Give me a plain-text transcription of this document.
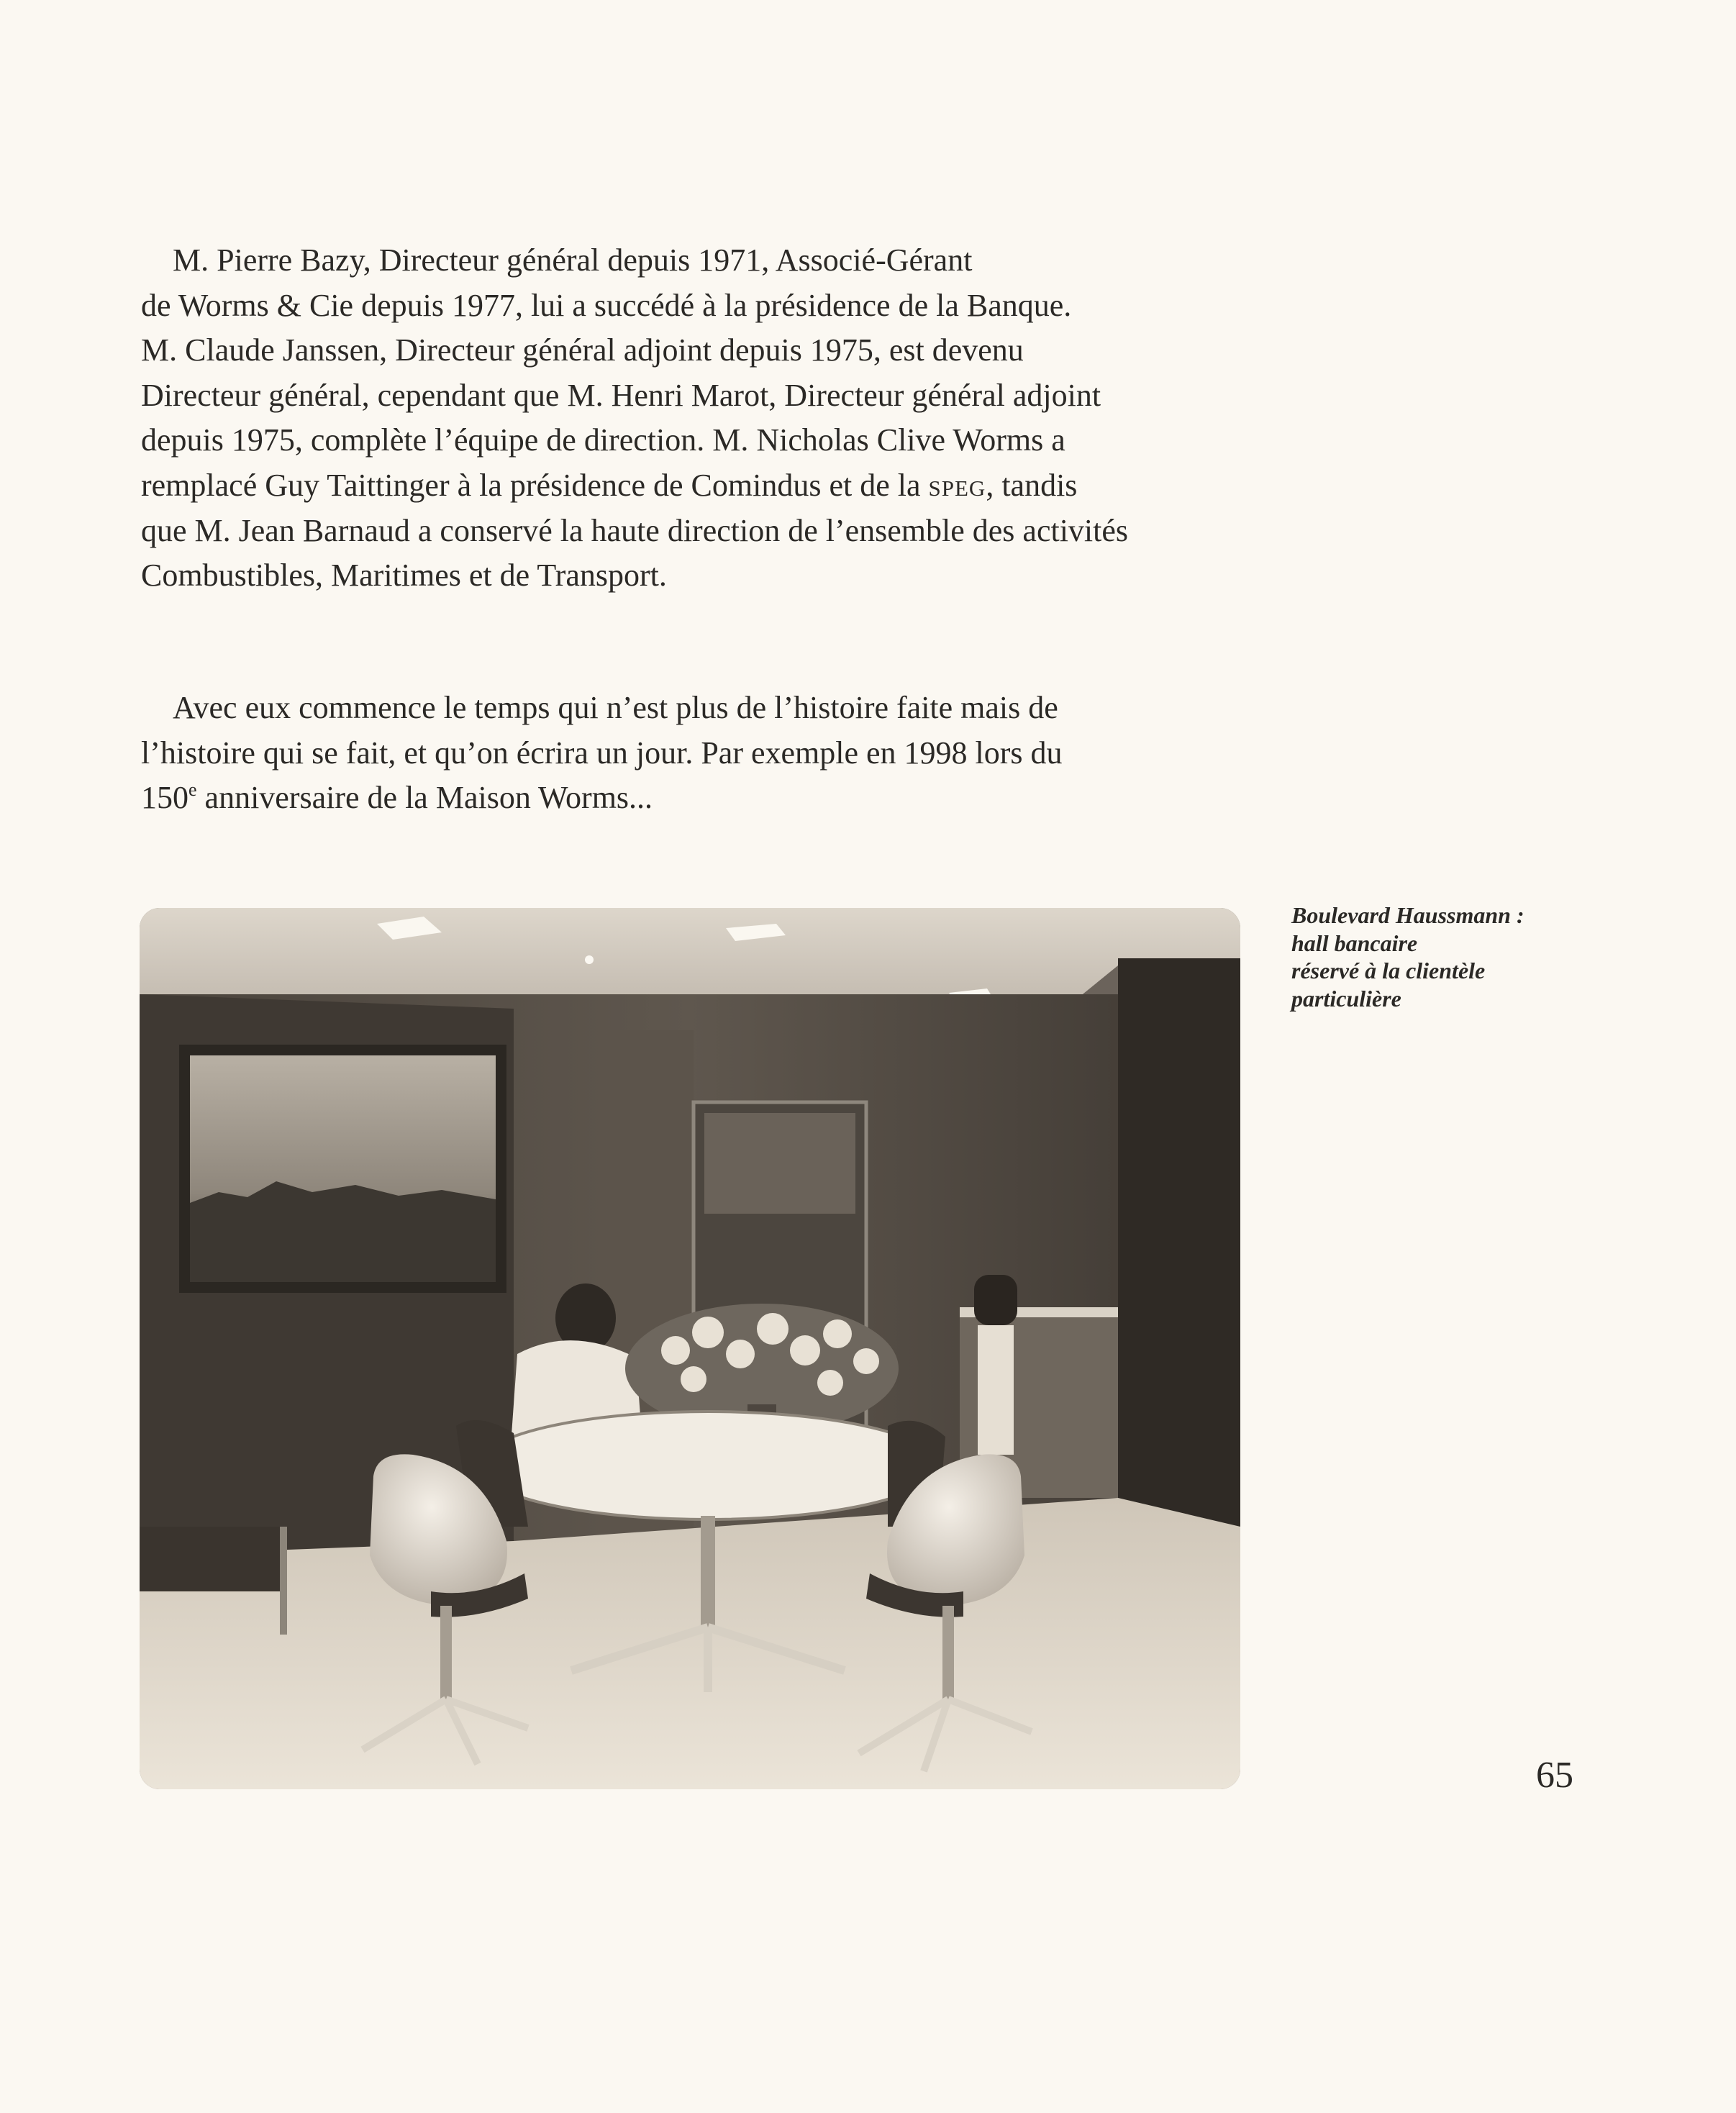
M. Pierre Bazy, Directeur général depuis 1971, Associé-Gérant
de Worms & Cie depuis 1977, lui a succédé à la présidence de la Banque.
M. Claude Janssen, Directeur général adjoint depuis 1975, est devenu
Directeur général, cependant que M. Henri Marot, Directeur général adjoint
depuis 1975, complète l’équipe de direction. M. Nicholas Clive Worms a
remplacé Guy Taittinger à la présidence de Comindus et de la speg, tandis
que M. Jean Barnaud a conservé la haute direction de l’ensemble des activités
Combustibles, Maritimes et de Transport.

Avec eux commence le temps qui n’est plus de l’histoire faite mais de
l’histoire qui se fait, et qu’on écrira un jour. Par exemple en 1998 lors du
150e anniversaire de la Maison Worms...

Boulevard Haussmann :
hall bancaire
réservé à la clientèle
particulière
65
